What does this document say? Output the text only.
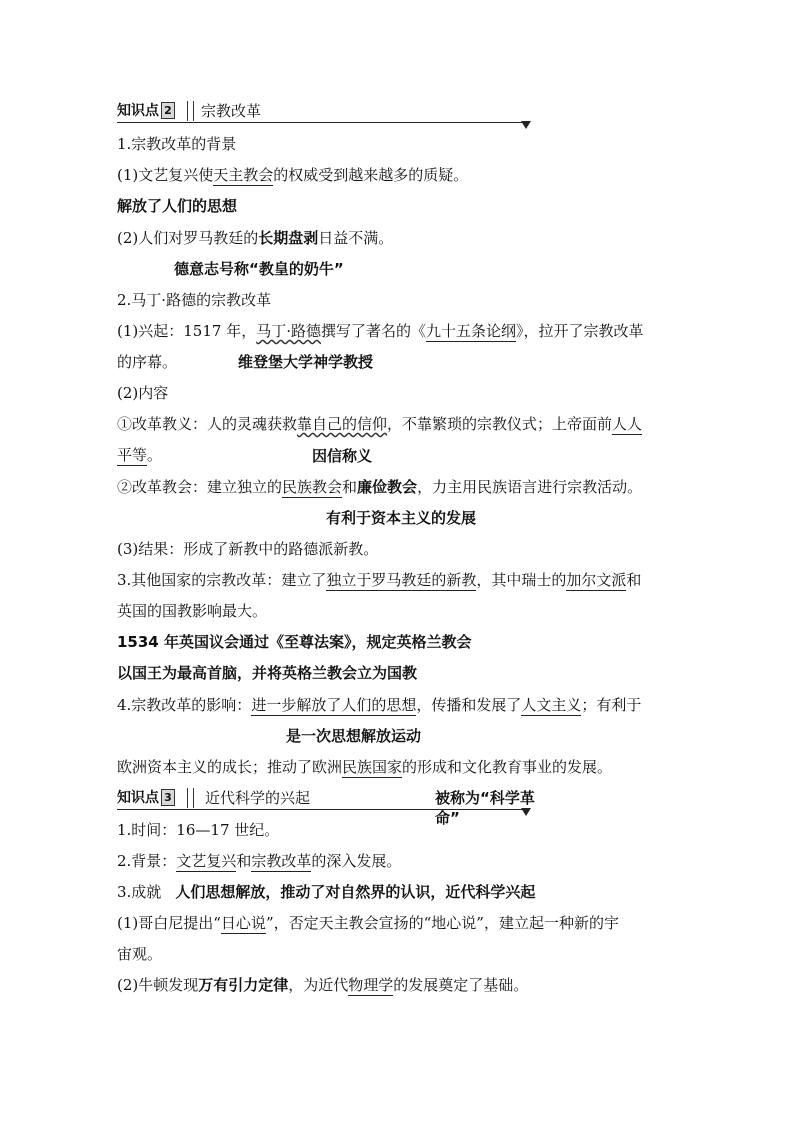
知识点 2 宗教改革
1.宗教改革的背景
(1)文艺复兴使天主教会的权威受到越来越多的质疑。
解放了人们的思想
(2)人们对罗马教廷的长期盘剥日益不满。
德意志号称“教皇的奶牛”
2.马丁·路德的宗教改革
(1)兴起：1517 年，马丁·路德撰写了著名的《九十五条论纲》，拉开了宗教改革
的序幕。	维登堡大学神学教授
(2)内容
①改革教义：人的灵魂获救靠自己的信仰，不靠繁琐的宗教仪式；上帝面前人人
平等。	因信称义
②改革教会：建立独立的民族教会和廉俭教会，力主用民族语言进行宗教活动。
有利于资本主义的发展
(3)结果：形成了新教中的路德派新教。
3.其他国家的宗教改革：建立了独立于罗马教廷的新教，其中瑞士的加尔文派和
英国的国教影响最大。
1534 年英国议会通过《至尊法案》，规定英格兰教会
以国王为最高首脑，并将英格兰教会立为国教
4.宗教改革的影响：进一步解放了人们的思想，传播和发展了人文主义；有利于
是一次思想解放运动
欧洲资本主义的成长；推动了欧洲民族国家的形成和文化教育事业的发展。
知识点 3 近代科学的兴起	被称为“科学革命”
1.时间：16—17 世纪。
2.背景：文艺复兴和宗教改革的深入发展。
3.成就 人们思想解放，推动了对自然界的认识，近代科学兴起
(1)哥白尼提出“日心说”，否定天主教会宣扬的“地心说”，建立起一种新的宇
宙观。
(2)牛顿发现万有引力定律，为近代物理学的发展奠定了基础。
